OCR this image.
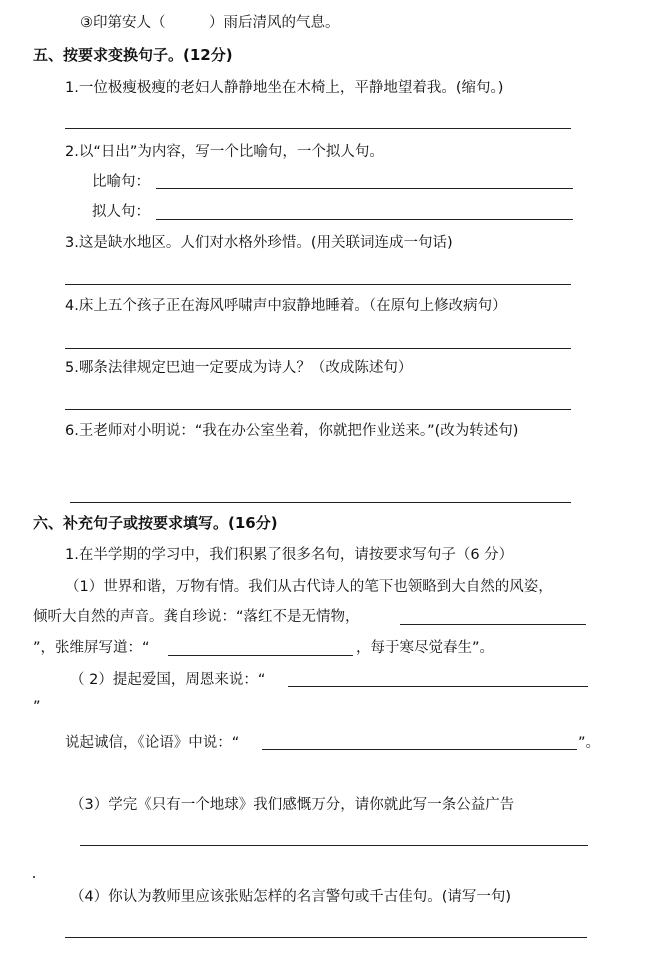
③印第安人（　　　）雨后清风的气息。
五、按要求变换句子。(12分)
1.一位极瘦极瘦的老妇人静静地坐在木椅上，平静地望着我。(缩句。)
2.以“日出”为内容，写一个比喻句，一个拟人句。
比喻句：
拟人句：
3.这是缺水地区。人们对水格外珍惜。(用关联词连成一句话)
4.床上五个孩子正在海风呼啸声中寂静地睡着。（在原句上修改病句）
5.哪条法律规定巴迪一定要成为诗人？（改成陈述句）
6.王老师对小明说：“我在办公室坐着，你就把作业送来。”(改为转述句)
六、补充句子或按要求填写。(16分)
1.在半学期的学习中，我们积累了很多名句，请按要求写句子（6 分）
（1）世界和谐，万物有情。我们从古代诗人的笔下也领略到大自然的风姿，
倾听大自然的声音。龚自珍说：“落红不是无情物，
”，张维屏写道：“	，每于寒尽觉春生”。
（ 2）提起爱国，周恩来说：“
”
说起诚信，《论语》中说：“	”。
（3）学完《只有一个地球》我们感慨万分，请你就此写一条公益广告
（4）你认为教师里应该张贴怎样的名言警句或千古佳句。(请写一句)
